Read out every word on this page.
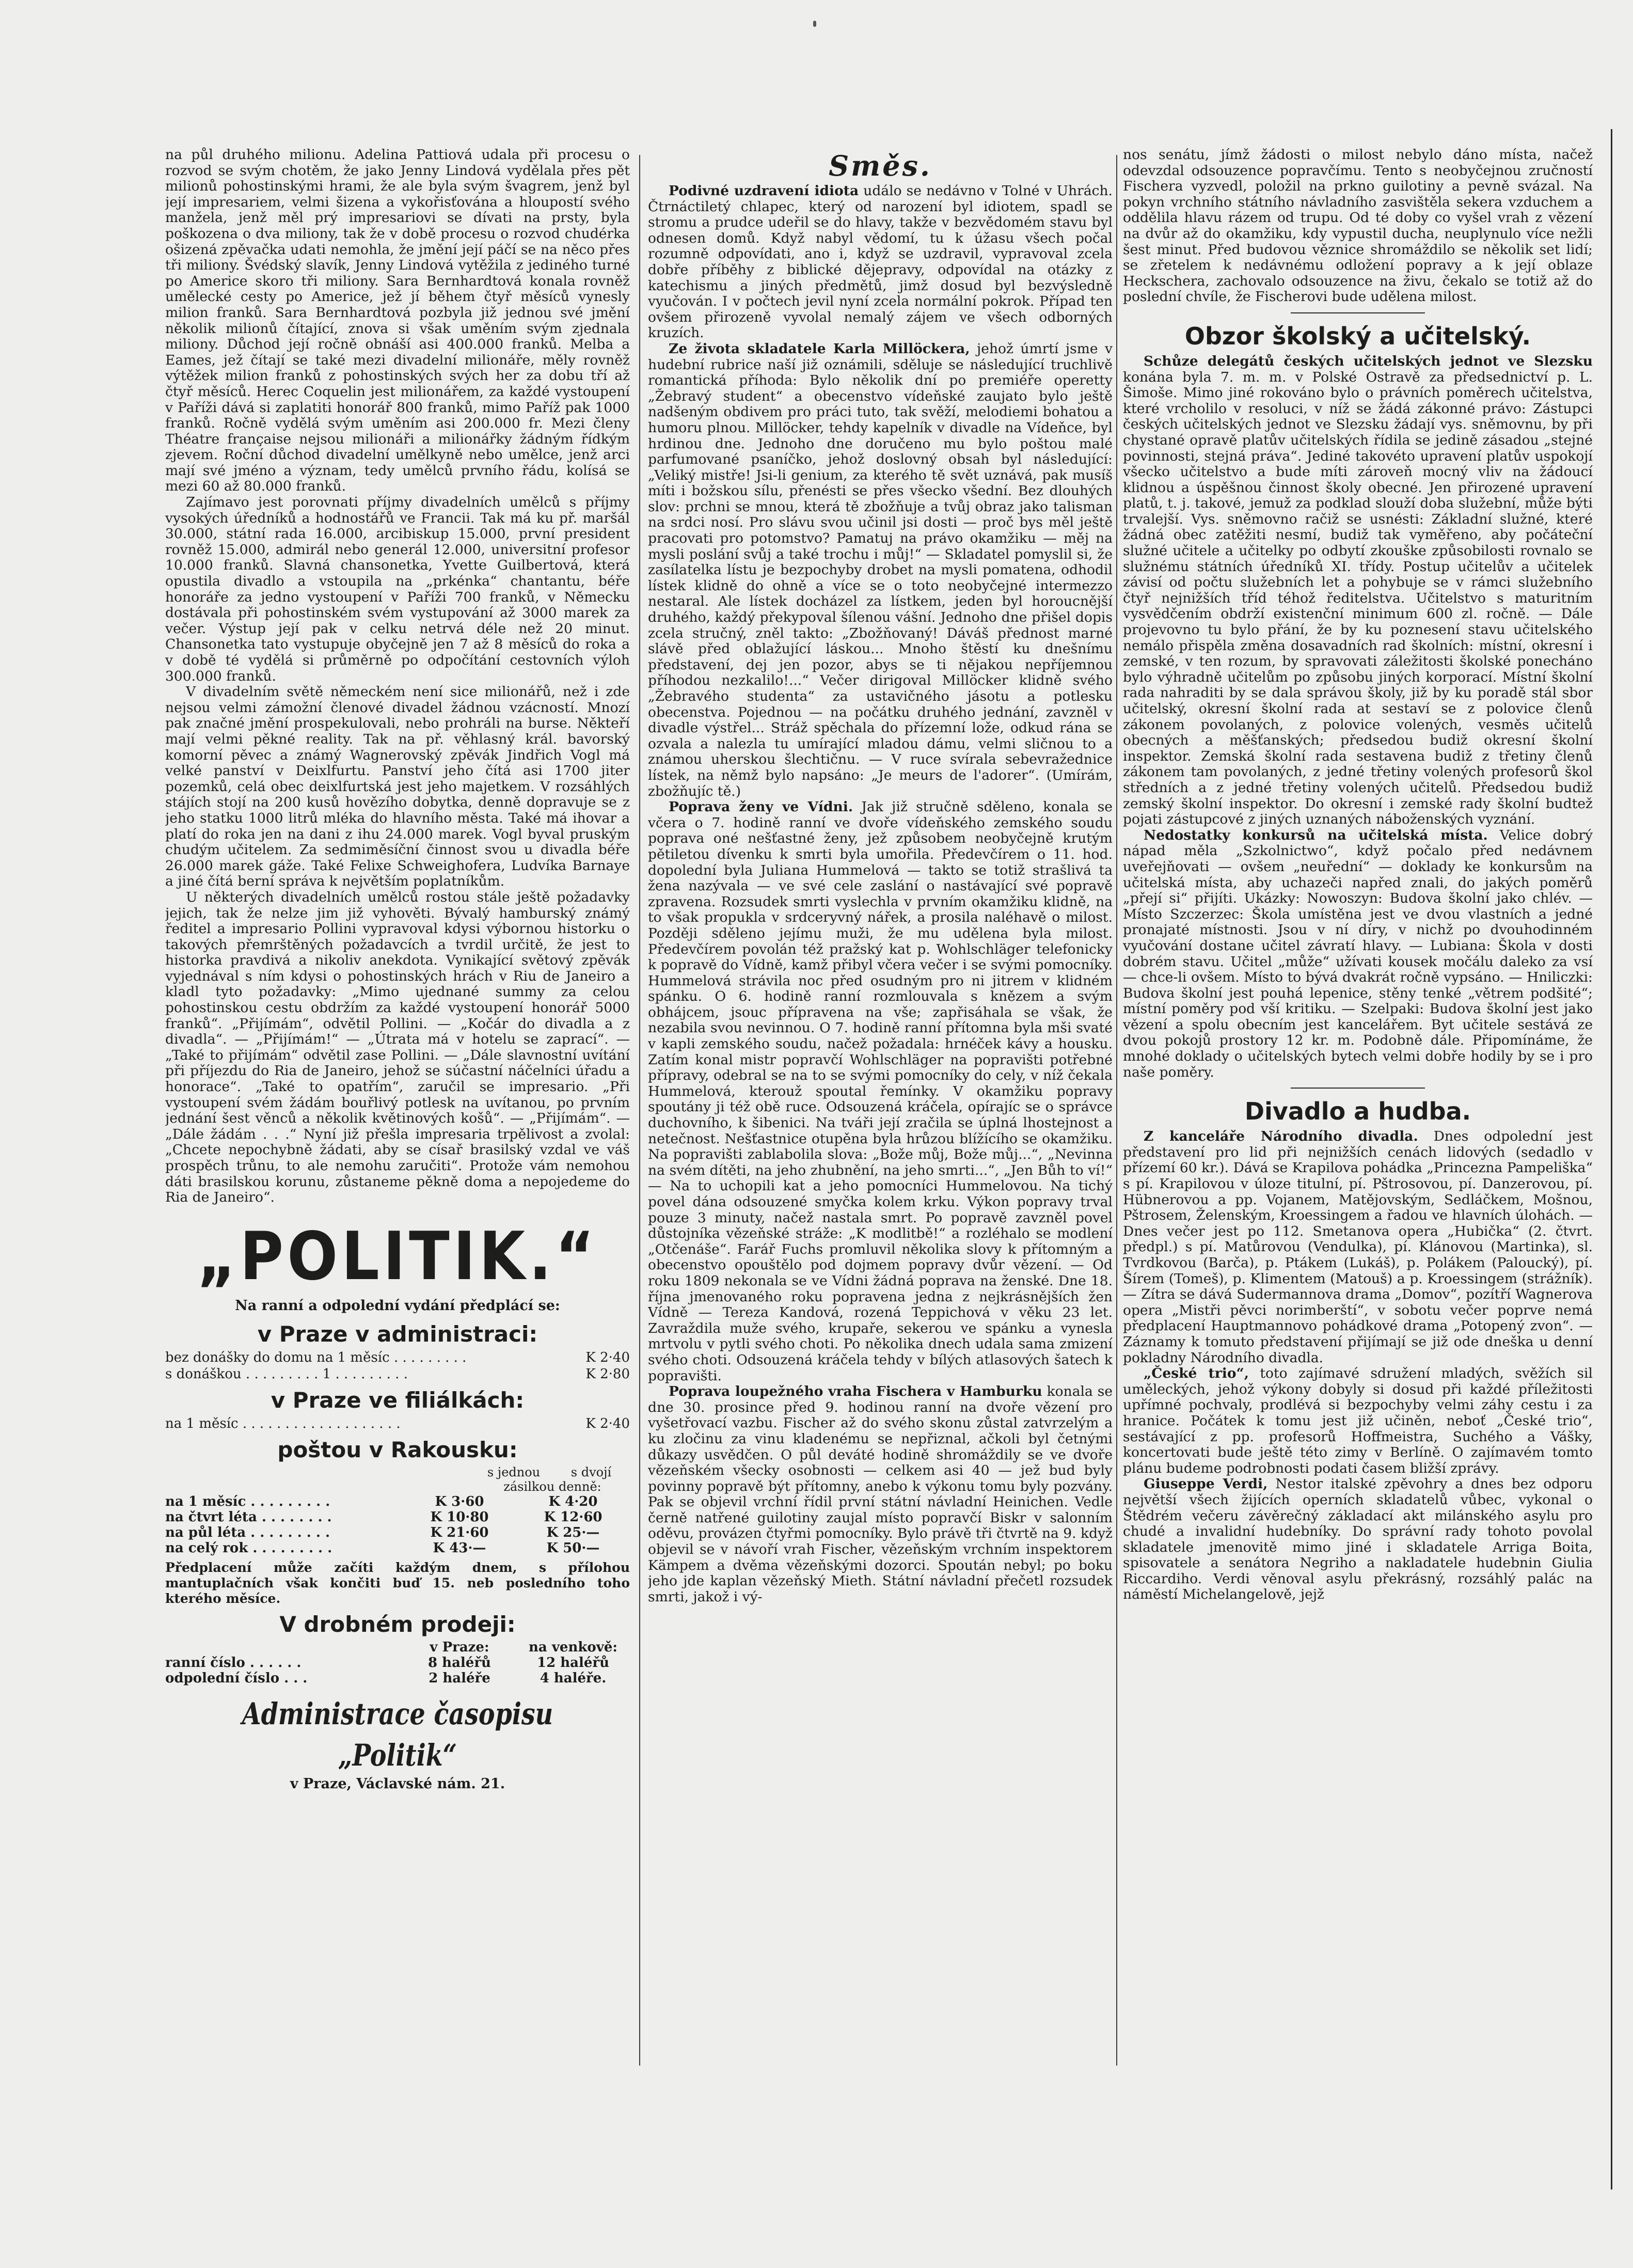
na půl druhého milionu. Adelina Pattiová udala při procesu o rozvod se svým chotěm, že jako Jenny Lindová vydělala přes pět milionů pohostinskými hrami, že ale byla svým švagrem, jenž byl její impresariem, velmi šizena a vykořisťována a hloupostí svého manžela, jenž měl prý impresariovi se dívati na prsty, byla poškozena o dva miliony, tak že v době procesu o rozvod chudérka ošizená zpěvačka udati nemohla, že jmění její páčí se na něco přes tři miliony. Švédský slavík, Jenny Lindová vytěžila z jediného turné po Americe skoro tři miliony. Sara Bernhardtová konala rovněž umělecké cesty po Americe, jež jí během čtyř měsíců vynesly milion franků. Sara Bernhardtová pozbyla již jednou své jmění několik milionů čítající, znova si však uměním svým zjednala miliony. Důchod její ročně obnáší asi 400.000 franků. Melba a Eames, jež čítají se také mezi divadelní milionáře, měly rovněž výtěžek milion franků z pohostinských svých her za dobu tří až čtyř měsíců. Herec Coquelin jest milionářem, za každé vystoupení v Paříži dává si zaplatiti honorář 800 franků, mimo Paříž pak 1000 franků. Ročně vydělá svým uměním asi 200.000 fr. Mezi členy Théatre française nejsou milionáři a milionářky žádným řídkým zjevem. Roční důchod divadelní umělkyně nebo umělce, jenž arci mají své jméno a význam, tedy umělců prvního řádu, kolísá se mezi 60 až 80.000 franků.

Zajímavo jest porovnati příjmy divadelních umělců s příjmy vysokých úředníků a hodnostářů ve Francii. Tak má ku př. maršál 30.000, státní rada 16.000, arcibiskup 15.000, první president rovněž 15.000, admirál nebo generál 12.000, universitní profesor 10.000 franků. Slavná chansonetka, Yvette Guilbertová, která opustila divadlo a vstoupila na „prkénka“ chantantu, béře honoráře za jedno vystoupení v Paříži 700 franků, v Německu dostávala při pohostinském svém vystupování až 3000 marek za večer. Výstup její pak v celku netrvá déle než 20 minut. Chansonetka tato vystupuje obyčejně jen 7 až 8 měsíců do roka a v době té vydělá si průměrně po odpočítání cestovních výloh 300.000 franků.

V divadelním světě německém není sice milionářů, než i zde nejsou velmi zámožní členové divadel žádnou vzácností. Mnozí pak značné jmění prospekulovali, nebo prohráli na burse. Někteří mají velmi pěkné reality. Tak na př. věhlasný král. bavorský komorní pěvec a známý Wagnerovský zpěvák Jindřich Vogl má velké panství v Deixlfurtu. Panství jeho čítá asi 1700 jiter pozemků, celá obec deixlfurtská jest jeho majetkem. V rozsáhlých stájích stojí na 200 kusů hovězího dobytka, denně dopravuje se z jeho statku 1000 litrů mléka do hlavního města. Také má ihovar a platí do roka jen na dani z ihu 24.000 marek. Vogl byval pruským chudým učitelem. Za sedmiměsíční činnost svou u divadla béře 26.000 marek gáže. Také Felixe Schweighofera, Ludvíka Barnaye a jiné čítá berní správa k největším poplatníkům.

U některých divadelních umělců rostou stále ještě požadavky jejich, tak že nelze jim již vyhověti. Bývalý hamburský známý ředitel a impresario Pollini vypravoval kdysi výbornou historku o takových přemrštěných požadavcích a tvrdil určitě, že jest to historka pravdivá a nikoliv anekdota. Vynikající světový zpěvák vyjednával s ním kdysi o pohostinských hrách v Riu de Janeiro a kladl tyto požadavky: „Mimo ujednané summy za celou pohostinskou cestu obdržím za každé vystoupení honorář 5000 franků“. „Přijímám“, odvětil Pollini. — „Kočár do divadla a z divadla“. — „Přijímám!“ — „Útrata má v hotelu se zaprací“. — „Také to přijímám“ odvětil zase Pollini. — „Dále slavnostní uvítání při příjezdu do Ria de Janeiro, jehož se súčastní náčelníci úřadu a honorace“. „Také to opatřím“, zaručil se impresario. „Při vystoupení svém žádám bouřlivý potlesk na uvítanou, po prvním jednání šest věnců a několik květinových košů“. — „Přijímám“. — „Dále žádám . . .“ Nyní již přešla impresaria trpělivost a zvolal: „Chcete nepochybně žádati, aby se císař brasilský vzdal ve váš prospěch trůnu, to ale nemohu zaručiti“. Protože vám nemohou dáti brasilskou korunu, zůstaneme pěkně doma a nepojedeme do Ria de Janeiro“.

„POLITIK.“
Na ranní a odpolední vydání předplácí se:
v Praze v administraci:
bez donášky do domu na 1 měsíc . . . . . . . . .	K 2·40
s donáškou . . . . . . . . . 1 . . . . . . . . .	K 2·80
v Praze ve filiálkách:
na 1 měsíc . . . . . . . . . . . . . . . . . . .	K 2·40
poštou v Rakousku:
s jednou	s dvojí
zásilkou denně:
na 1 měsíc . . . . . . . . .	K 3·60	K 4·20
na čtvrt léta . . . . . . . .	K 10·80	K 12·60
na půl léta . . . . . . . . .	K 21·60	K 25·—
na celý rok . . . . . . . . .	K 43·—	K 50·—
Předplacení může začíti každým dnem, s přílohou mantuplačních však končiti buď 15. neb posledního toho kterého měsíce.
V drobném prodeji:
v Praze:	na venkově:
ranní číslo . . . . . .	8 haléřů	12 haléřů
odpolední číslo . . .	2 haléře	4 haléře.
Administrace časopisu „Politik“
v Praze, Václavské nám. 21.
Směs.

Podivné uzdravení idiota událo se nedávno v Tolné v Uhrách. Čtrnáctiletý chlapec, který od narození byl idiotem, spadl se stromu a prudce udeřil se do hlavy, takže v bezvědomém stavu byl odnesen domů. Když nabyl vědomí, tu k úžasu všech počal rozumně odpovídati, ano i, když se uzdravil, vypravoval zcela dobře příběhy z biblické dějepravy, odpovídal na otázky z katechismu a jiných předmětů, jimž dosud byl bezvýsledně vyučován. I v počtech jevil nyní zcela normální pokrok. Případ ten ovšem přirozeně vyvolal nemalý zájem ve všech odborných kruzích.

Ze života skladatele Karla Millöckera, jehož úmrtí jsme v hudební rubrice naší již oznámili, sděluje se následující truchlivě romantická příhoda: Bylo několik dní po premiéře operetty „Žebravý student“ a obecenstvo vídeňské zaujato bylo ještě nadšeným obdivem pro práci tuto, tak svěží, melodiemi bohatou a humoru plnou. Millöcker, tehdy kapelník v divadle na Vídeňce, byl hrdinou dne. Jednoho dne doručeno mu bylo poštou malé parfumované psaníčko, jehož doslovný obsah byl následující: „Veliký mistře! Jsi-li genium, za kterého tě svět uznává, pak musíš míti i božskou sílu, přenésti se přes všecko všední. Bez dlouhých slov: prchni se mnou, která tě zbožňuje a tvůj obraz jako talisman na srdci nosí. Pro slávu svou učinil jsi dosti — proč bys měl ještě pracovati pro potomstvo? Pamatuj na právo okamžiku — měj na mysli poslání svůj a také trochu i můj!“ — Skladatel pomyslil si, že zasílatelka lístu je bezpochyby drobet na mysli pomatena, odhodil lístek klidně do ohně a více se o toto neobyčejné intermezzo nestaral. Ale lístek docházel za lístkem, jeden byl horoucnější druhého, každý překypoval šílenou vášní. Jednoho dne přišel dopis zcela stručný, zněl takto: „Zbožňovaný! Dáváš přednost marné slávě před oblažující láskou... Mnoho štěstí ku dnešnímu představení, dej jen pozor, abys se ti nějakou nepříjemnou příhodou nezkalilo!...“ Večer dirigoval Millöcker klidně svého „Žebravého studenta“ za ustavičného jásotu a potlesku obecenstva. Pojednou — na počátku druhého jednání, zavzněl v divadle výstřel... Stráž spěchala do přízemní lože, odkud rána se ozvala a nalezla tu umírající mladou dámu, velmi sličnou to a známou uherskou šlechtičnu. — V ruce svírala sebevražednice lístek, na němž bylo napsáno: „Je meurs de l'adorer“. (Umírám, zbožňujíc tě.)

Poprava ženy ve Vídni. Jak již stručně sděleno, konala se včera o 7. hodině ranní ve dvoře vídeňského zemského soudu poprava oné nešťastné ženy, jež způsobem neobyčejně krutým pětiletou dívenku k smrti byla umořila. Předevčírem o 11. hod. dopolední byla Juliana Hummelová — takto se totiž strašlivá ta žena nazývala — ve své cele zaslání o nastávající své popravě zpravena. Rozsudek smrti vyslechla v prvním okamžiku klidně, na to však propukla v srdceryvný nářek, a prosila naléhavě o milost. Později sděleno jejímu muži, že mu udělena byla milost. Předevčírem povolán též pražský kat p. Wohlschläger telefonicky k popravě do Vídně, kamž přibyl včera večer i se svými pomocníky. Hummelová strávila noc před osudným pro ni jitrem v klidném spánku. O 6. hodině ranní rozmlouvala s knězem a svým obhájcem, jsouc přípravena na vše; zapřisáhala se však, že nezabila svou nevinnou. O 7. hodině ranní přítomna byla mši svaté v kapli zemského soudu, načež požadala: hrnéček kávy a housku. Zatím konal mistr popravčí Wohlschläger na popravišti potřebné přípravy, odebral se na to se svými pomocníky do cely, v níž čekala Hummelová, kterouž spoutal řemínky. V okamžiku popravy spoutány ji též obě ruce. Odsouzená kráčela, opírajíc se o správce duchovního, k šibenici. Na tváři její zračila se úplná lhostejnost a netečnost. Nešťastnice otupěna byla hrůzou blížícího se okamžiku. Na popravišti zablabolila slova: „Bože můj, Bože můj...“, „Nevinna na svém dítěti, na jeho zhubnění, na jeho smrti...“, „Jen Bůh to ví!“ — Na to uchopili kat a jeho pomocníci Hummelovou. Na tichý povel dána odsouzené smyčka kolem krku. Výkon popravy trval pouze 3 minuty, načež nastala smrt. Po popravě zavzněl povel důstojníka vězeňské stráže: „K modlitbě!“ a rozléhalo se modlení „Otčenáše“. Farář Fuchs promluvil několika slovy k přítomným a obecenstvo opouštělo pod dojmem popravy dvůr vězení. — Od roku 1809 nekonala se ve Vídni žádná poprava na ženské. Dne 18. října jmenovaného roku popravena jedna z nejkrásnějších žen Vídně — Tereza Kandová, rozená Teppichová v věku 23 let. Zavraždila muže svého, krupaře, sekerou ve spánku a vynesla mrtvolu v pytli svého choti. Po několika dnech udala sama zmizení svého choti. Odsouzená kráčela tehdy v bílých atlasových šatech k popravišti.

Poprava loupežného vraha Fischera v Hamburku konala se dne 30. prosince před 9. hodinou ranní na dvoře vězení pro vyšetřovací vazbu. Fischer až do svého skonu zůstal zatvrzelým a ku zločinu za vinu kladenému se nepřiznal, ačkoli byl četnými důkazy usvědčen. O půl deváté hodině shromáždily se ve dvoře vězeňském všecky osobnosti — celkem asi 40 — jež bud byly povinny popravě být přítomny, anebo k výkonu tomu byly pozvány. Pak se objevil vrchní řídil první státní návladní Heinichen. Vedle černě natřené guilotiny zaujal místo popravčí Biskr v salonním oděvu, provázen čtyřmi pomocníky. Bylo právě tři čtvrtě na 9. když objevil se v návoří vrah Fischer, vězeňským vrchním inspektorem Kämpem a dvěma vězeňskými dozorci. Spoután nebyl; po boku jeho jde kaplan vězeňský Mieth. Státní návladní přečetl rozsudek smrti, jakož i vý-

nos senátu, jímž žádosti o milost nebylo dáno místa, načež odevzdal odsouzence popravčímu. Tento s neobyčejnou zručností Fischera vyzvedl, položil na prkno guilotiny a pevně svázal. Na pokyn vrchního státního návladního zasvištěla sekera vzduchem a oddělila hlavu rázem od trupu. Od té doby co vyšel vrah z vězení na dvůr až do okamžiku, kdy vypustil ducha, neuplynulo více nežli šest minut. Před budovou věznice shromáždilo se několik set lidí; se zřetelem k nedávnému odložení popravy a k její oblaze Heckschera, zachovalo odsouzence na živu, čekalo se totiž až do poslední chvíle, že Fischerovi bude udělena milost.

Obzor školský a učitelský.

Schůze delegátů českých učitelských jednot ve Slezsku konána byla 7. m. m. v Polské Ostravě za předsednictví p. L. Šimoše. Mimo jiné rokováno bylo o právních poměrech učitelstva, které vrcholilo v resoluci, v níž se žádá zákonné právo: Zástupci českých učitelských jednot ve Slezsku žádají vys. sněmovnu, by při chystané opravě platův učitelských řídila se jedině zásadou „stejné povinnosti, stejná práva“. Jediné takovéto upravení platův uspokojí všecko učitelstvo a bude míti zároveň mocný vliv na žádoucí klidnou a úspěšnou činnost školy obecné. Jen přirozené upravení platů, t. j. takové, jemuž za podklad slouží doba služební, může býti trvalejší. Vys. sněmovno račiž se usnésti: Základní služné, které žádná obec zatěžiti nesmí, budiž tak vyměřeno, aby počáteční služné učitele a učitelky po odbytí zkouške způsobilosti rovnalo se služnému státních úředníků XI. třídy. Postup učitelův a učitelek závisí od počtu služebních let a pohybuje se v rámci služebního čtyř nejnižších tříd téhož ředitelstva. Učitelstvo s maturitním vysvědčením obdrží existenční minimum 600 zl. ročně. — Dále projevovno tu bylo přání, že by ku poznesení stavu učitelského nemálo přispěla změna dosavadních rad školních: místní, okresní i zemské, v ten rozum, by spravovati záležitosti školské ponecháno bylo výhradně učitelům po způsobu jiných korporací. Místní školní rada nahraditi by se dala správou školy, již by ku poradě stál sbor učitelský, okresní školní rada at sestaví se z polovice členů zákonem povolaných, z polovice volených, vesměs učitelů obecných a měšťanských; předsedou budiž okresní školní inspektor. Zemská školní rada sestavena budiž z třetiny členů zákonem tam povolaných, z jedné třetiny volených profesorů škol středních a z jedné třetiny volených učitelů. Předsedou budiž zemský školní inspektor. Do okresní i zemské rady školní budtež pojati zástupcové z jiných uznaných náboženských vyznání.

Nedostatky konkursů na učitelská místa. Velice dobrý nápad měla „Szkolnictwo“, když počalo před nedávnem uveřejňovati — ovšem „neuřední“ — doklady ke konkursům na učitelská místa, aby uchazeči napřed znali, do jakých poměrů „přejí si“ přijíti. Ukázky: Nowoszyn: Budova školní jako chlév. — Místo Szczerzec: Škola umístěna jest ve dvou vlastních a jedné pronajaté místnosti. Jsou v ní díry, v nichž po dvouhodinném vyučování dostane učitel závratí hlavy. — Lubiana: Škola v dosti dobrém stavu. Učitel „může“ užívati kousek močálu daleko za vsí — chce-li ovšem. Místo to bývá dvakrát ročně vypsáno. — Hniliczki: Budova školní jest pouhá lepenice, stěny tenké „větrem podšité“; místní poměry pod vší kritiku. — Szelpaki: Budova školní jest jako vězení a spolu obecním jest kancelářem. Byt učitele sestává ze dvou pokojů prostory 12 kr. m. Podobně dále. Připomínáme, že mnohé doklady o učitelských bytech velmi dobře hodily by se i pro naše poměry.

Divadlo a hudba.

Z kanceláře Národního divadla. Dnes odpolední jest představení pro lid při nejnižších cenách lidových (sedadlo v přízemí 60 kr.). Dává se Krapilova pohádka „Princezna Pampeliška“ s pí. Krapilovou v úloze titulní, pí. Pštrosovou, pí. Danzerovou, pí. Hübnerovou a pp. Vojanem, Matějovským, Sedláčkem, Mošnou, Pštrosem, Želenským, Kroessingem a řadou ve hlavních úlohách. — Dnes večer jest po 112. Smetanova opera „Hubička“ (2. čtvrt. předpl.) s pí. Matůrovou (Vendulka), pí. Klánovou (Martinka), sl. Tvrdkovou (Barča), p. Ptákem (Lukáš), p. Polákem (Paloucký), pí. Šírem (Tomeš), p. Klimentem (Matouš) a p. Kroessingem (strážník). — Zítra se dává Sudermannova drama „Domov“, pozítří Wagnerova opera „Mistři pěvci norimberští“, v sobotu večer poprve nemá předplacení Hauptmannovo pohádkové drama „Potopený zvon“. — Záznamy k tomuto představení přijímají se již ode dneška u denní pokladny Národního divadla.

„České trio“, toto zajímavé sdružení mladých, svěžích sil uměleckých, jehož výkony dobyly si dosud při každé příležitosti upřímné pochvaly, prodlévá si bezpochyby velmi záhy cestu i za hranice. Počátek k tomu jest již učiněn, neboť „České trio“, sestávající z pp. profesorů Hoffmeistra, Suchého a Vášky, koncertovati bude ještě této zimy v Berlíně. O zajímavém tomto plánu budeme podrobnosti podati časem bližší zprávy.

Giuseppe Verdi, Nestor italské zpěvohry a dnes bez odporu největší všech žijících operních skladatelů vůbec, vykonal o Štědrém večeru závěrečný základací akt milánského asylu pro chudé a invalidní hudebníky. Do správní rady tohoto povolal skladatele jmenovitě mimo jiné i skladatele Arriga Boita, spisovatele a senátora Negriho a nakladatele hudebnin Giulia Riccardiho. Verdi věnoval asylu překrásný, rozsáhlý palác na náměstí Michelangelově, jejž
